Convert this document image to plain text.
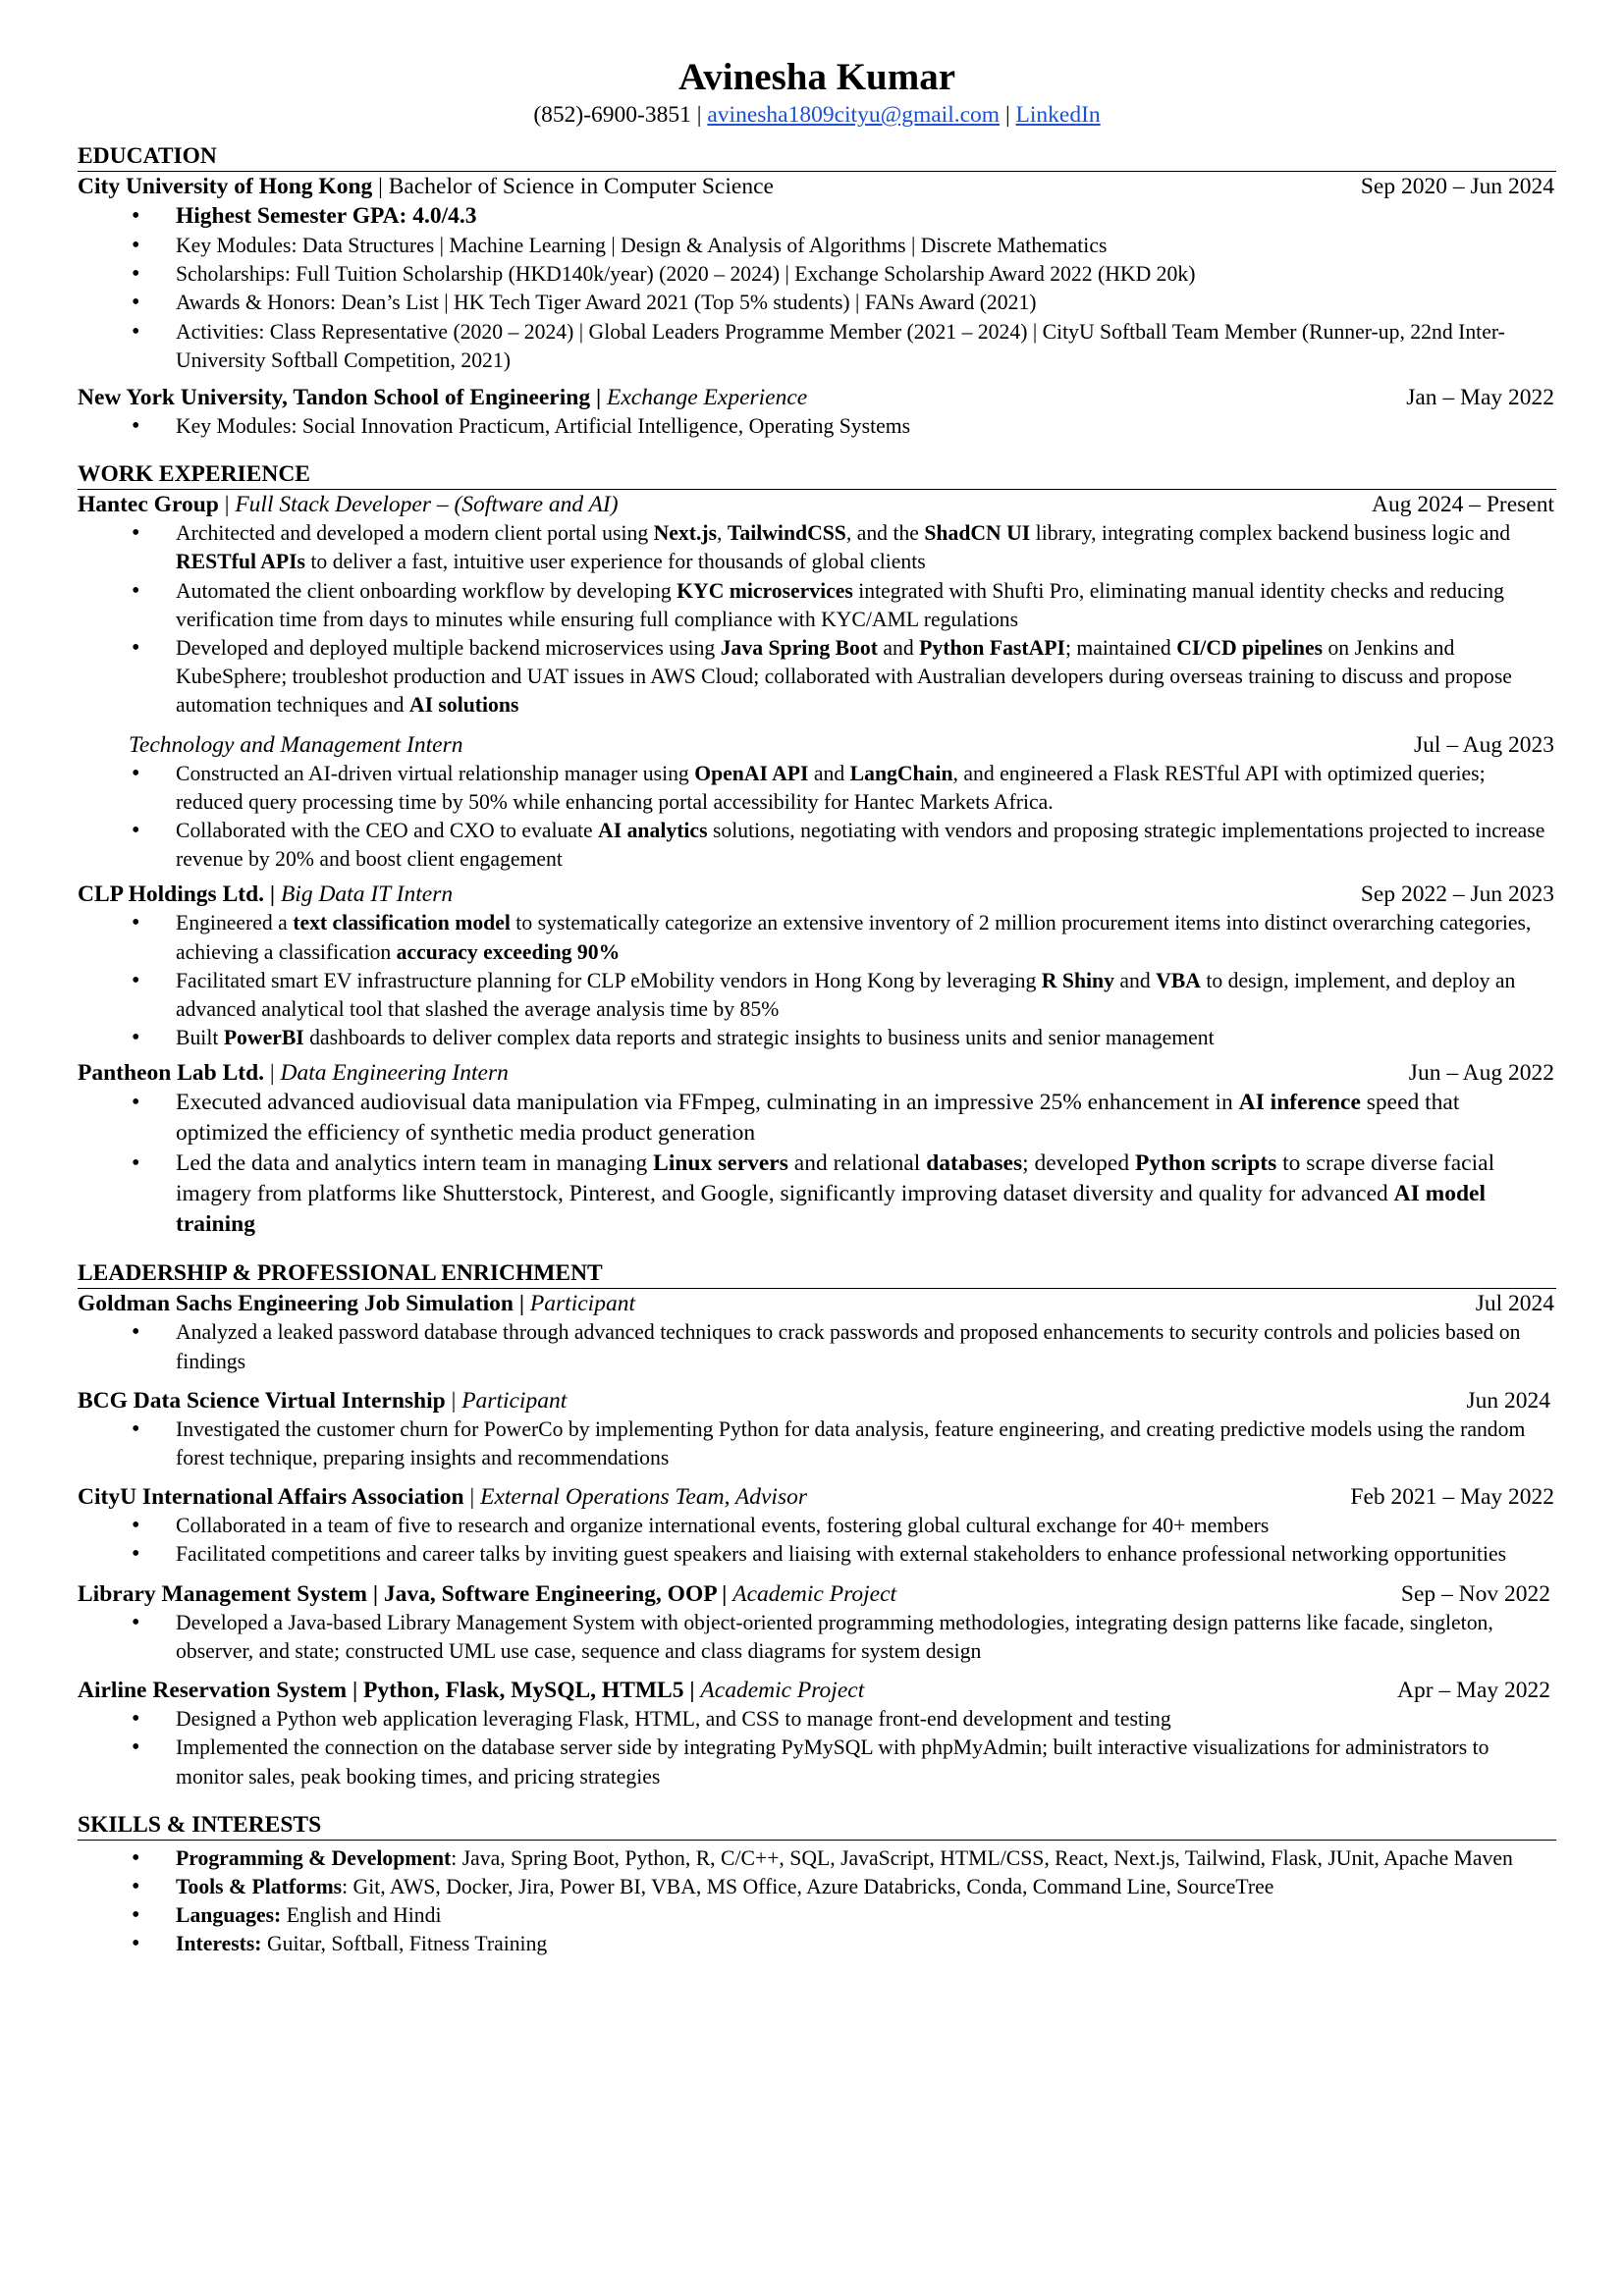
Avinesha Kumar
(852)-6900-3851 | avinesha1809cityu@gmail.com | LinkedIn
EDUCATION
City University of Hong Kong | Bachelor of Science in Computer Science	Sep 2020 – Jun 2024
• Highest Semester GPA: 4.0/4.3
• Key Modules: Data Structures | Machine Learning | Design & Analysis of Algorithms | Discrete Mathematics
• Scholarships: Full Tuition Scholarship (HKD140k/year) (2020 – 2024) | Exchange Scholarship Award 2022 (HKD 20k)
• Awards & Honors: Dean’s List | HK Tech Tiger Award 2021 (Top 5% students) | FANs Award (2021)
• Activities: Class Representative (2020 – 2024) | Global Leaders Programme Member (2021 – 2024) | CityU Softball Team Member (Runner-up, 22nd Inter-University Softball Competition, 2021)
New York University, Tandon School of Engineering | Exchange Experience	Jan – May 2022
• Key Modules: Social Innovation Practicum, Artificial Intelligence, Operating Systems
WORK EXPERIENCE
Hantec Group | Full Stack Developer – (Software and AI)	Aug 2024 – Present
• Architected and developed a modern client portal using Next.js, TailwindCSS, and the ShadCN UI library, integrating complex backend business logic and RESTful APIs to deliver a fast, intuitive user experience for thousands of global clients
• Automated the client onboarding workflow by developing KYC microservices integrated with Shufti Pro, eliminating manual identity checks and reducing verification time from days to minutes while ensuring full compliance with KYC/AML regulations
• Developed and deployed multiple backend microservices using Java Spring Boot and Python FastAPI; maintained CI/CD pipelines on Jenkins and KubeSphere; troubleshot production and UAT issues in AWS Cloud; collaborated with Australian developers during overseas training to discuss and propose automation techniques and AI solutions
Technology and Management Intern	Jul – Aug 2023
• Constructed an AI-driven virtual relationship manager using OpenAI API and LangChain, and engineered a Flask RESTful API with optimized queries; reduced query processing time by 50% while enhancing portal accessibility for Hantec Markets Africa.
• Collaborated with the CEO and CXO to evaluate AI analytics solutions, negotiating with vendors and proposing strategic implementations projected to increase revenue by 20% and boost client engagement
CLP Holdings Ltd. | Big Data IT Intern	Sep 2022 – Jun 2023
• Engineered a text classification model to systematically categorize an extensive inventory of 2 million procurement items into distinct overarching categories, achieving a classification accuracy exceeding 90%
• Facilitated smart EV infrastructure planning for CLP eMobility vendors in Hong Kong by leveraging R Shiny and VBA to design, implement, and deploy an advanced analytical tool that slashed the average analysis time by 85%
• Built PowerBI dashboards to deliver complex data reports and strategic insights to business units and senior management
Pantheon Lab Ltd. | Data Engineering Intern	Jun – Aug 2022
• Executed advanced audiovisual data manipulation via FFmpeg, culminating in an impressive 25% enhancement in AI inference speed that optimized the efficiency of synthetic media product generation
• Led the data and analytics intern team in managing Linux servers and relational databases; developed Python scripts to scrape diverse facial imagery from platforms like Shutterstock, Pinterest, and Google, significantly improving dataset diversity and quality for advanced AI model training
LEADERSHIP & PROFESSIONAL ENRICHMENT
Goldman Sachs Engineering Job Simulation | Participant	Jul 2024
• Analyzed a leaked password database through advanced techniques to crack passwords and proposed enhancements to security controls and policies based on findings
BCG Data Science Virtual Internship | Participant	Jun 2024
• Investigated the customer churn for PowerCo by implementing Python for data analysis, feature engineering, and creating predictive models using the random forest technique, preparing insights and recommendations
CityU International Affairs Association | External Operations Team, Advisor	Feb 2021 – May 2022
• Collaborated in a team of five to research and organize international events, fostering global cultural exchange for 40+ members
• Facilitated competitions and career talks by inviting guest speakers and liaising with external stakeholders to enhance professional networking opportunities
Library Management System | Java, Software Engineering, OOP | Academic Project	Sep – Nov 2022
• Developed a Java-based Library Management System with object-oriented programming methodologies, integrating design patterns like facade, singleton, observer, and state; constructed UML use case, sequence and class diagrams for system design
Airline Reservation System | Python, Flask, MySQL, HTML5 | Academic Project	Apr – May 2022
• Designed a Python web application leveraging Flask, HTML, and CSS to manage front-end development and testing
• Implemented the connection on the database server side by integrating PyMySQL with phpMyAdmin; built interactive visualizations for administrators to monitor sales, peak booking times, and pricing strategies
SKILLS & INTERESTS
• Programming & Development: Java, Spring Boot, Python, R, C/C++, SQL, JavaScript, HTML/CSS, React, Next.js, Tailwind, Flask, JUnit, Apache Maven
• Tools & Platforms: Git, AWS, Docker, Jira, Power BI, VBA, MS Office, Azure Databricks, Conda, Command Line, SourceTree
• Languages: English and Hindi
• Interests: Guitar, Softball, Fitness Training
